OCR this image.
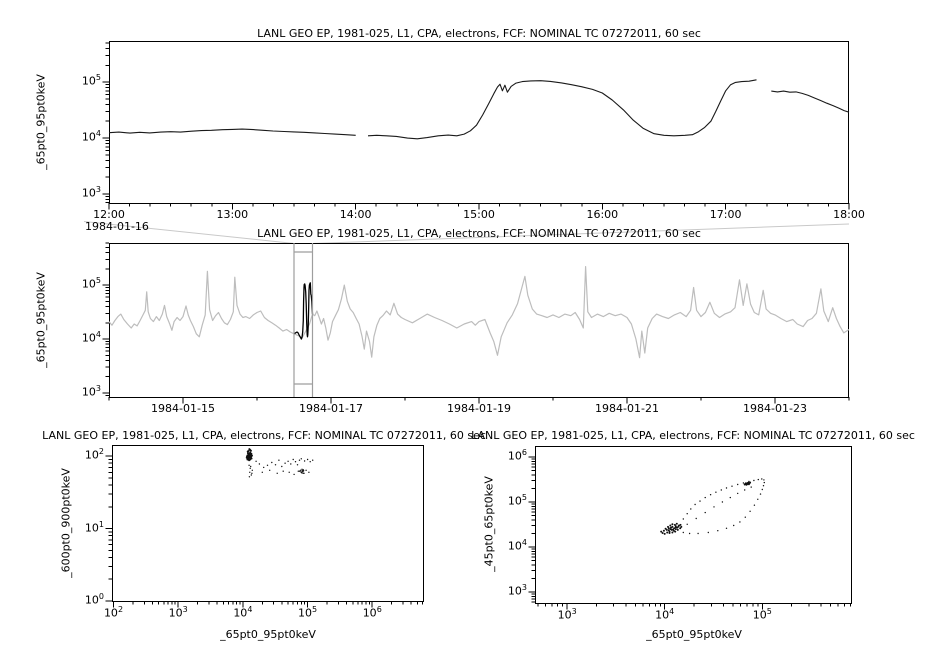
12:00	13:00	14:00	15:00	16:00	17:00	18:00
$10^3$
$10^4$
$10^5$
1984-01-15	1984-01-17	1984-01-19	1984-01-21	1984-01-23
$10^3$
$10^4$
$10^5$
$10^2$	$10^3$	$10^4$	$10^5$	$10^6$
$10^0$
$10^1$
$10^2$
$10^3$	$10^4$	$10^5$
$10^3$
$10^4$
$10^5$
$10^6$
LANL GEO EP, 1981-025, L1, CPA, electrons, FCF: NOMINAL TC 07272011, 60 sec
LANL GEO EP, 1981-025, L1, CPA, electrons, FCF: NOMINAL TC 07272011, 60 sec
LANL GEO EP, 1981-025, L1, CPA, electrons, FCF: NOMINAL TC 07272011, 60 sec
LANL GEO EP, 1981-025, L1, CPA, electrons, FCF: NOMINAL TC 07272011, 60 sec
_65pt0_95pt0keV
_65pt0_95pt0keV
_600pt0_900pt0keV	_45pt0_65pt0keV
_65pt0_95pt0keV	_65pt0_95pt0keV
1984-01-16
